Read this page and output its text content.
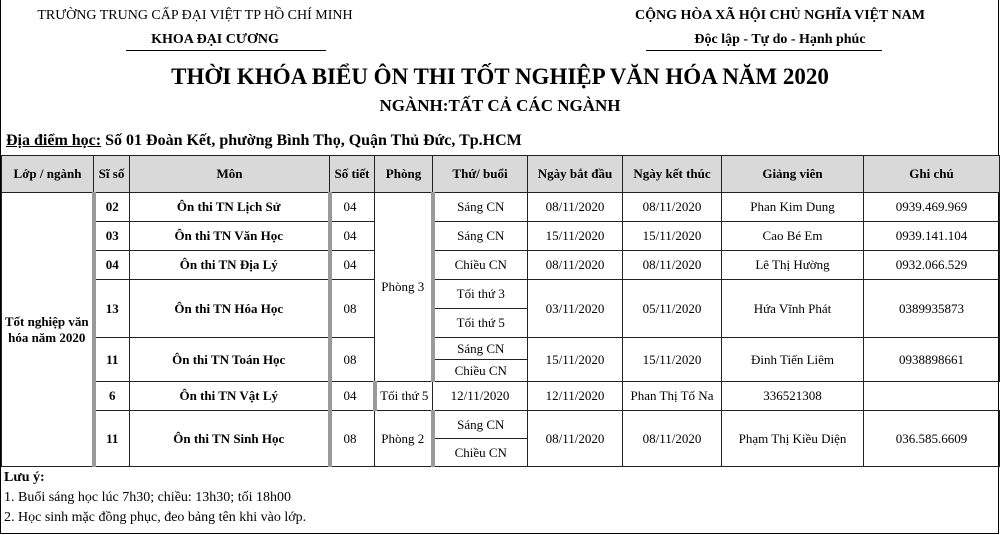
TRƯỜNG TRUNG CẤP ĐẠI VIỆT TP HỒ CHÍ MINH
KHOA ĐẠI CƯƠNG
CỘNG HÒA XÃ HỘI CHỦ NGHĨA VIỆT NAM
Độc lập - Tự do - Hạnh phúc
THỜI KHÓA BIỂU ÔN THI TỐT NGHIỆP VĂN HÓA NĂM 2020
NGÀNH:TẤT CẢ CÁC NGÀNH
Địa điểm học: Số 01 Đoàn Kết, phường Bình Thọ, Quận Thủ Đức, Tp.HCM
Lớp / ngành	Sĩ số	Môn	Số tiết	Phòng	Thứ/ buổi	Ngày bắt đầu	Ngày kết thúc	Giảng viên	Ghi chú
Tốt nghiệp văn hóa năm 2020	02	Ôn thi TN Lịch Sử	04	Phòng 3	Sáng CN	08/11/2020	08/11/2020	Phan Kim Dung	0939.469.969
	03	Ôn thi TN Văn Học	04		Sáng CN	15/11/2020	15/11/2020	Cao Bé Em	0939.141.104
	04	Ôn thi TN Địa Lý	04		Chiều CN	08/11/2020	08/11/2020	Lê Thị Hường	0932.066.529
	13	Ôn thi TN Hóa Học	08		Tối thứ 3	03/11/2020	05/11/2020	Hứa Vĩnh Phát	0389935873
					Tối thứ 5				
	11	Ôn thi TN Toán Học	08		Sáng CN	15/11/2020	15/11/2020	Đinh Tiến Liêm	0938898661
					Chiều CN				
	6	Ôn thi TN Vật Lý	04	Tối thứ 5	12/11/2020	12/11/2020	Phan Thị Tố Na	336521308	
	11	Ôn thi TN Sinh Học	08	Phòng 2	Sáng CN	08/11/2020	08/11/2020	Phạm Thị Kiều Diện	036.585.6609
					Chiều CN				
Lưu ý:
1. Buổi sáng học lúc 7h30; chiều: 13h30; tối 18h00
2. Học sinh mặc đồng phục, đeo bảng tên khi vào lớp.
